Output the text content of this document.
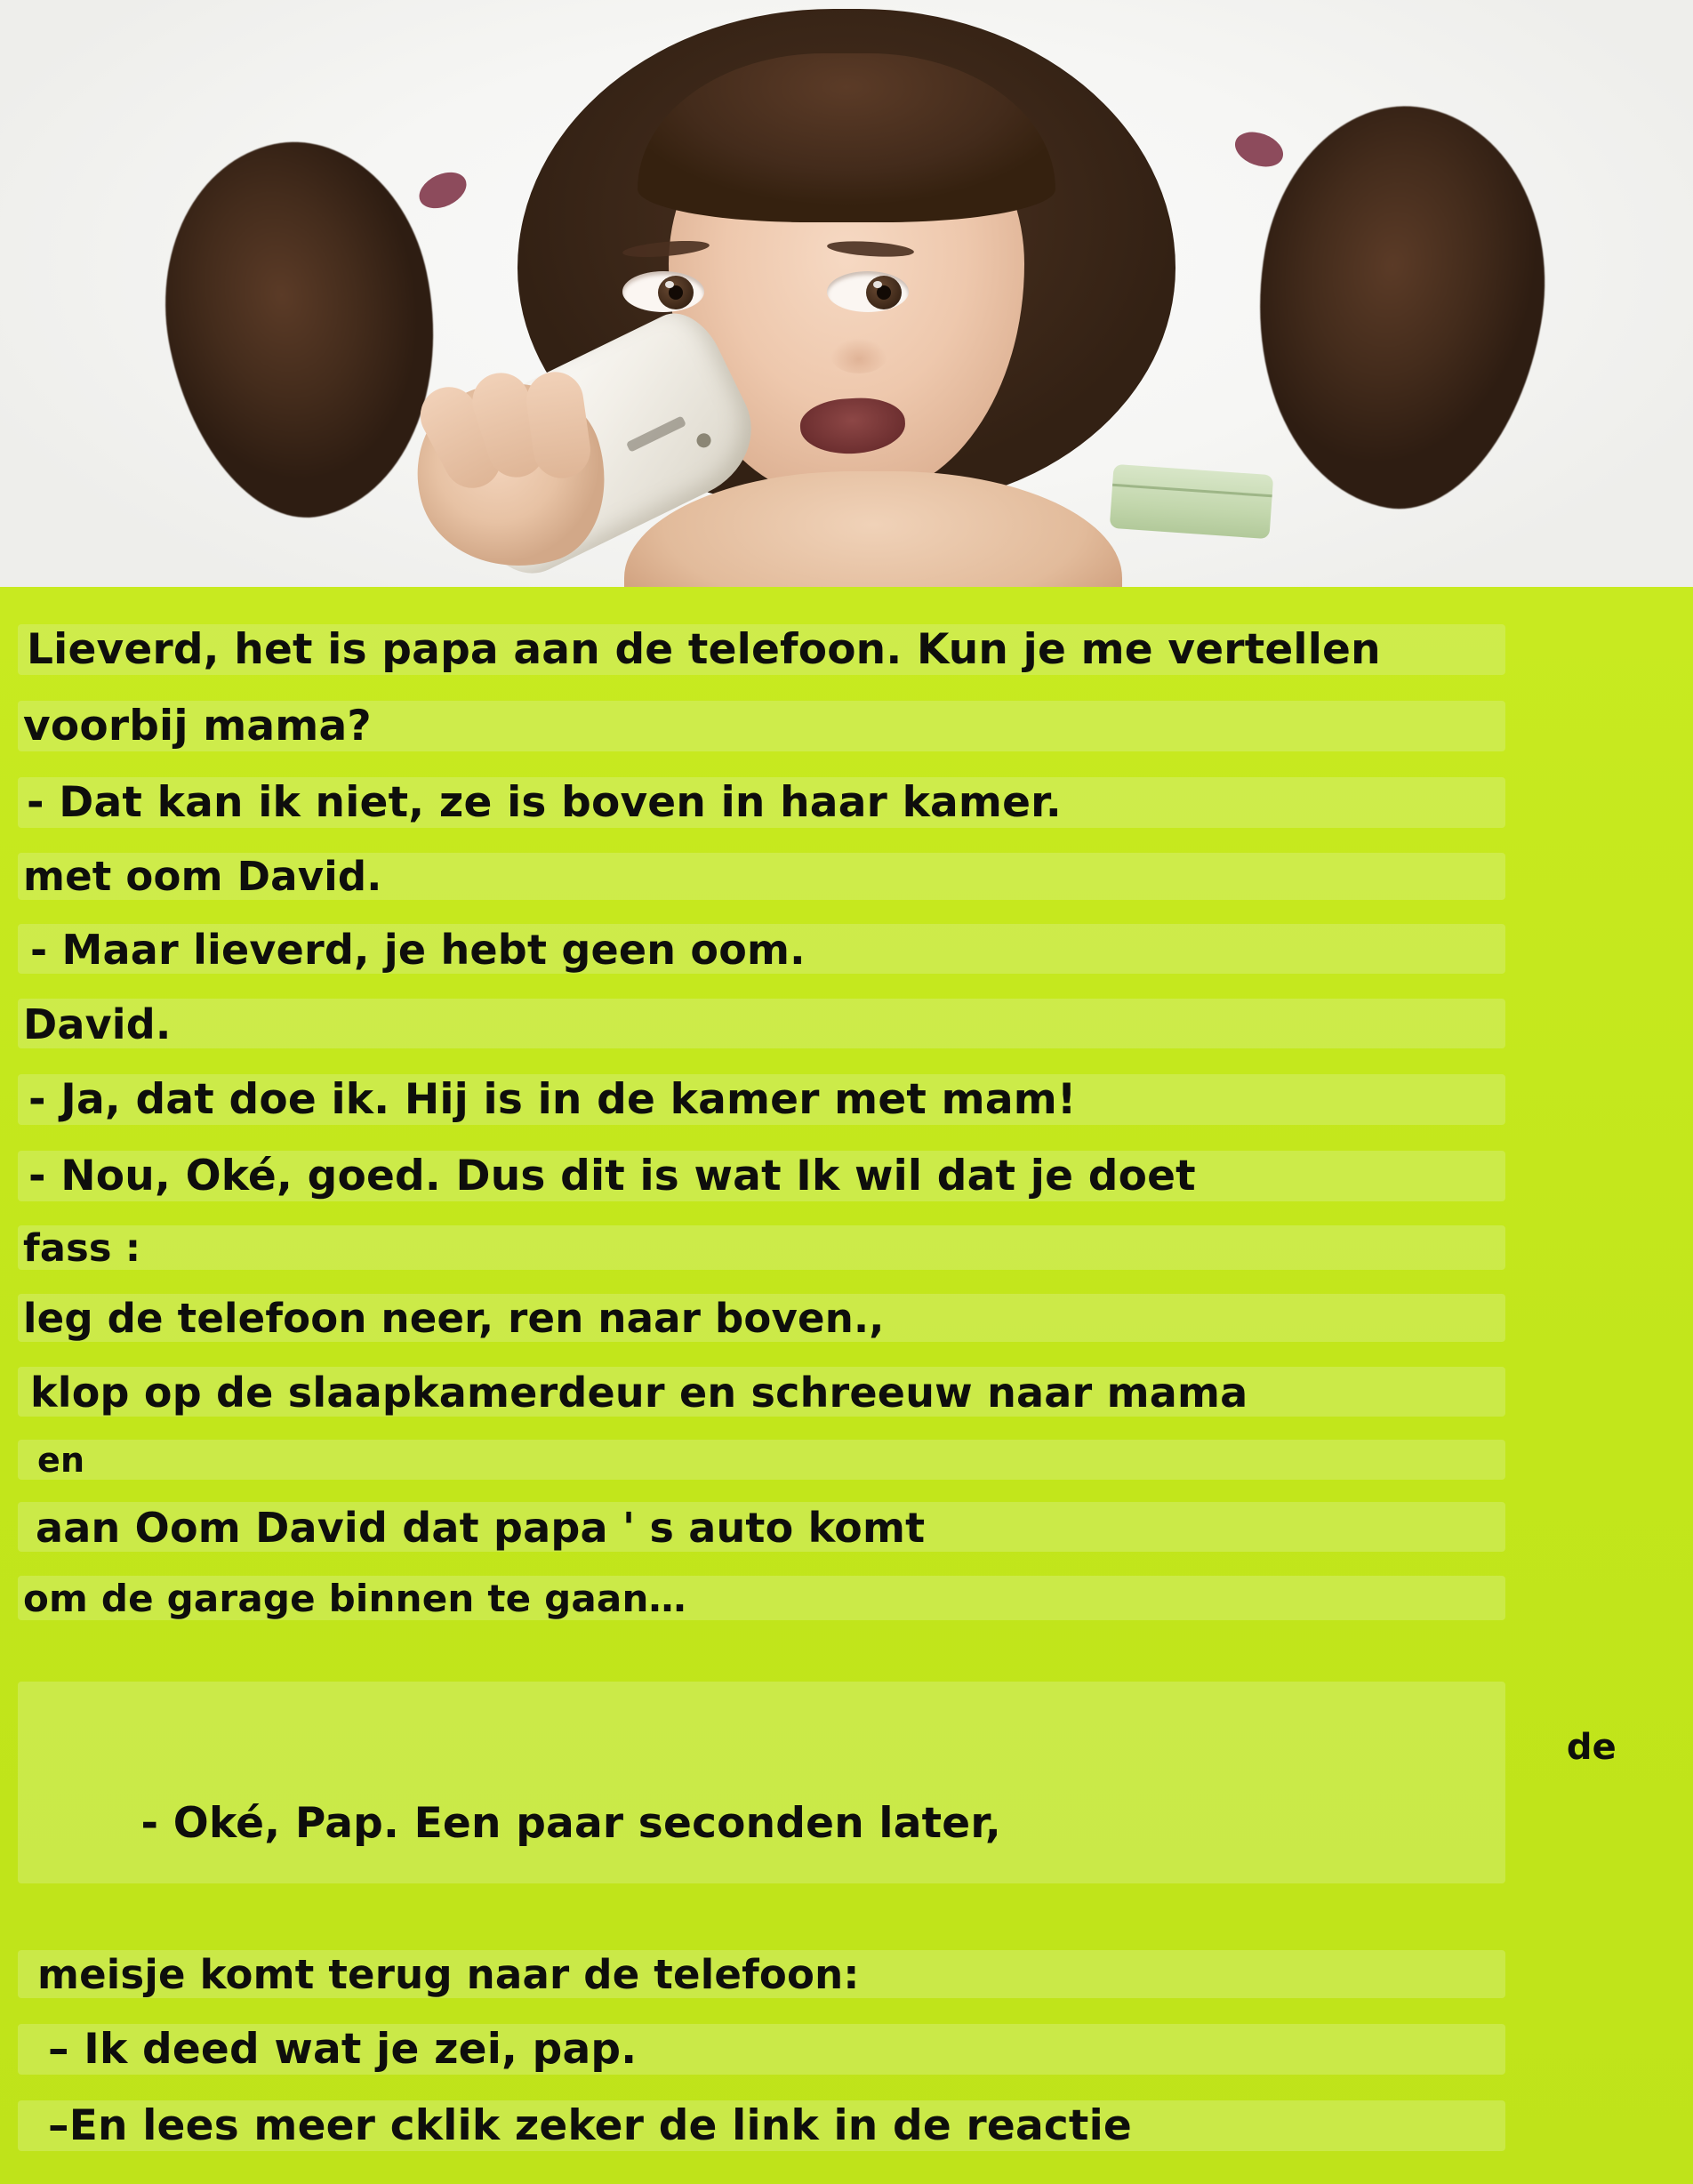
Lieverd, het is papa aan de telefoon. Kun je me vertellen
voorbij mama?
- Dat kan ik niet, ze is boven in haar kamer.
met oom David.
- Maar lieverd, je hebt geen oom.
David.
- Ja, dat doe ik. Hij is in de kamer met mam!
- Nou, Oké, goed. Dus dit is wat Ik wil dat je doet
fass :
leg de telefoon neer, ren naar boven.,
klop op de slaapkamerdeur en schreeuw naar mama
en
aan Oom David dat papa ' s auto komt
om de garage binnen te gaan…

de

- Oké, Pap. Een paar seconden later,

meisje komt terug naar de telefoon:
– Ik deed wat je zei, pap.
–En lees meer cklik zeker de link in de reactie
